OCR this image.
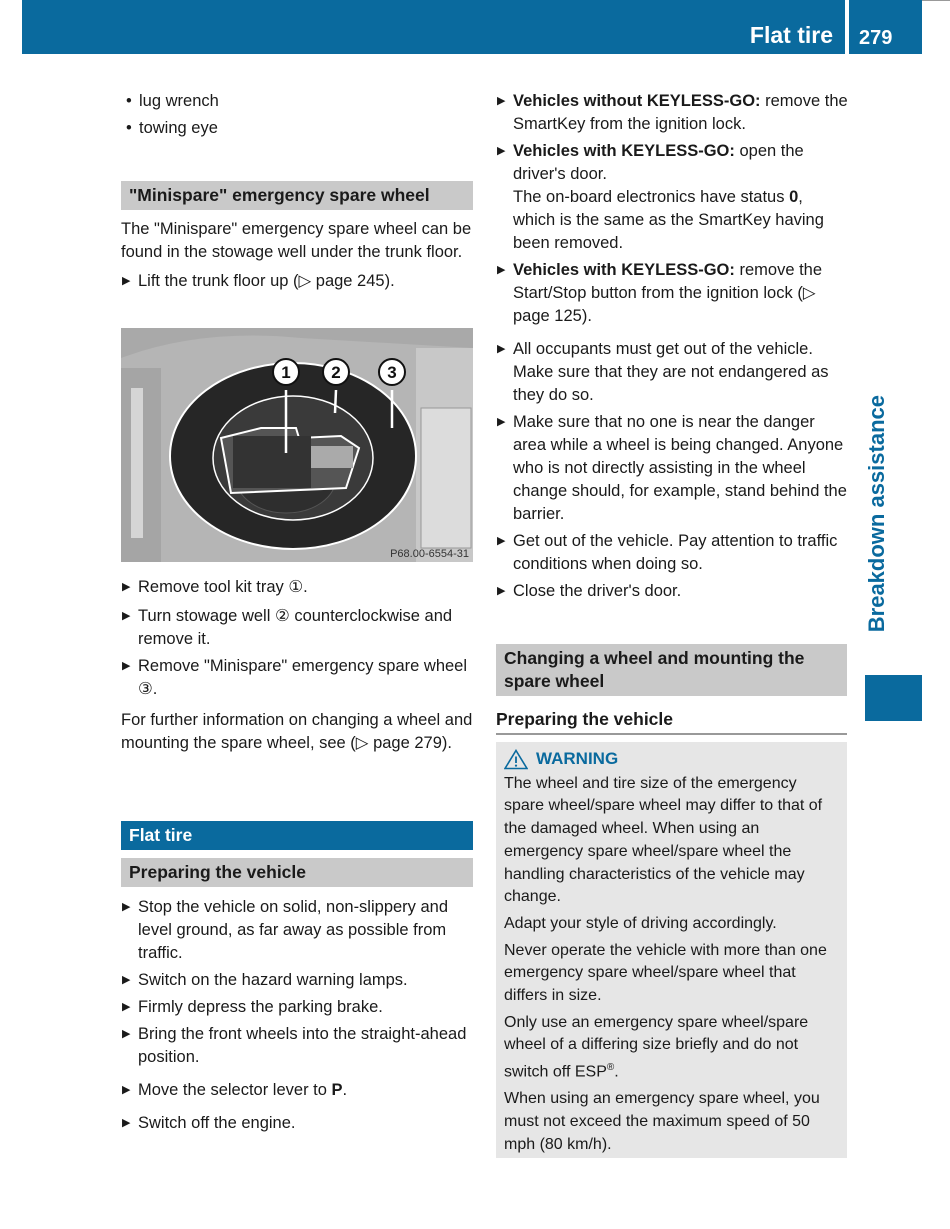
Flat tire 279
Breakdown assistance
• lug wrench
• towing eye
"Minispare" emergency spare wheel

The "Minispare" emergency spare wheel can be found in the stowage well under the trunk floor.

▶ Lift the trunk floor up (▷ page 245).
1 2	3
P68.00-6554-31
▶ Remove tool kit tray ①.
▶ Turn stowage well ② counterclockwise and remove it.
▶ Remove "Minispare" emergency spare wheel ③.

For further information on changing a wheel and mounting the spare wheel, see (▷ page 279).

Flat tire
Preparing the vehicle
▶ Stop the vehicle on solid, non-slippery and level ground, as far away as possible from traffic.
▶ Switch on the hazard warning lamps.
▶ Firmly depress the parking brake.
▶ Bring the front wheels into the straight-ahead position.
▶ Move the selector lever to P.
▶ Switch off the engine.
▶ Vehicles without KEYLESS-GO: remove the SmartKey from the ignition lock.
▶ Vehicles with KEYLESS-GO: open the driver's door.
The on-board electronics have status 0, which is the same as the SmartKey having been removed.
▶ Vehicles with KEYLESS-GO: remove the Start/Stop button from the ignition lock (▷ page 125).
▶ All occupants must get out of the vehicle. Make sure that they are not endangered as they do so.
▶ Make sure that no one is near the danger area while a wheel is being changed. Anyone who is not directly assisting in the wheel change should, for example, stand behind the barrier.
▶ Get out of the vehicle. Pay attention to traffic conditions when doing so.
▶ Close the driver's door.
Changing a wheel and mounting the spare wheel
Preparing the vehicle
WARNING

The wheel and tire size of the emergency spare wheel/spare wheel may differ to that of the damaged wheel. When using an emergency spare wheel/spare wheel the handling characteristics of the vehicle may change.

Adapt your style of driving accordingly.

Never operate the vehicle with more than one emergency spare wheel/spare wheel that differs in size.

Only use an emergency spare wheel/spare wheel of a differing size briefly and do not switch off ESP®.

When using an emergency spare wheel, you must not exceed the maximum speed of 50 mph (80 km/h).
